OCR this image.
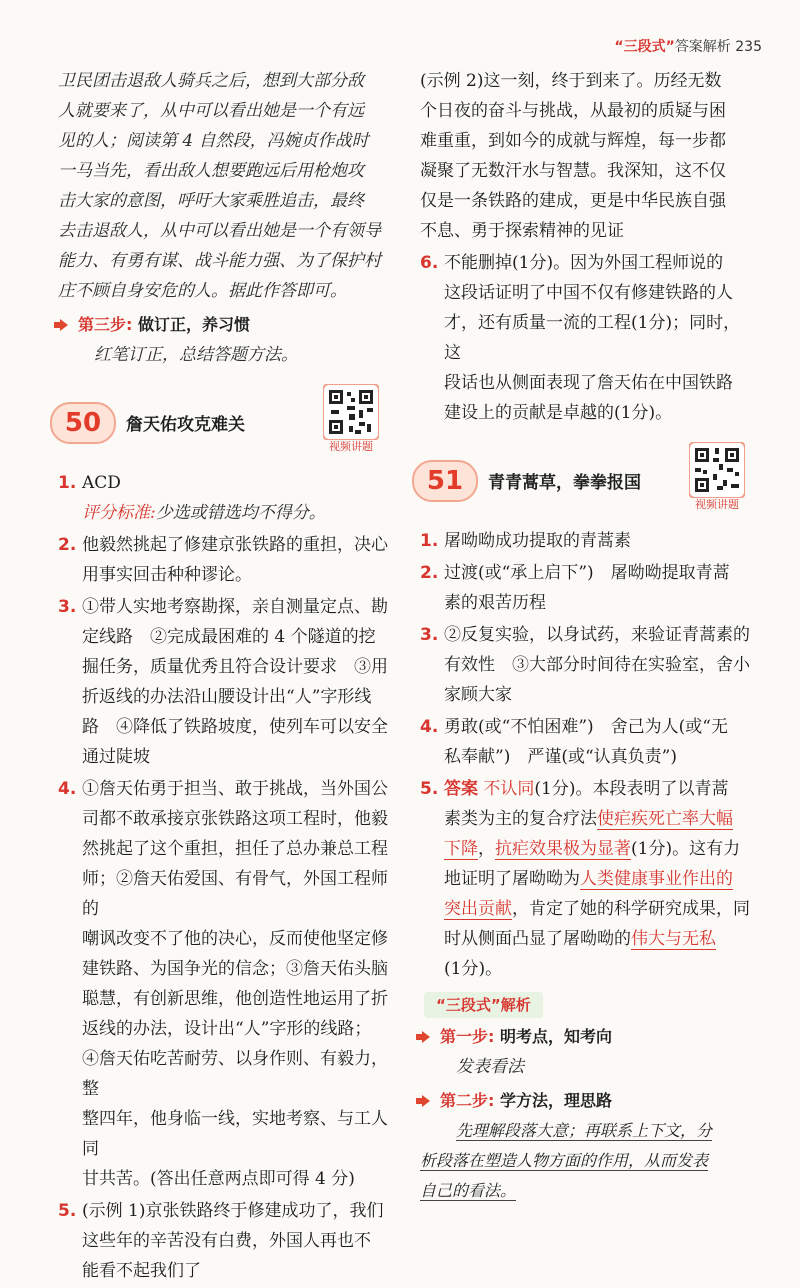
“三段式”答案解析 235

卫民团击退敌人骑兵之后，想到大部分敌

人就要来了，从中可以看出她是一个有远

见的人；阅读第 4 自然段，冯婉贞作战时

一马当先，看出敌人想要跑远后用枪炮攻

击大家的意图，呼吁大家乘胜追击，最终

去击退敌人，从中可以看出她是一个有领导

能力、有勇有谋、战斗能力强、为了保护村

庄不顾自身安危的人。据此作答即可。

第三步: 做订正，养习惯
红笔订正，总结答题方法。
50	詹天佑攻克难关
视频讲题
1. ACD
评分标准:少选或错选均不得分。
2. 他毅然挑起了修建京张铁路的重担，决心
用事实回击种种谬论。
3. ①带人实地考察勘探，亲自测量定点、勘
定线路　②完成最困难的 4 个隧道的挖
掘任务，质量优秀且符合设计要求　③用
折返线的办法沿山腰设计出“人”字形线
路　④降低了铁路坡度，使列车可以安全
通过陡坡
4. ①詹天佑勇于担当、敢于挑战，当外国公
司都不敢承接京张铁路这项工程时，他毅
然挑起了这个重担，担任了总办兼总工程
师；②詹天佑爱国、有骨气，外国工程师的
嘲讽改变不了他的决心，反而使他坚定修
建铁路、为国争光的信念；③詹天佑头脑
聪慧，有创新思维，他创造性地运用了折
返线的办法，设计出“人”字形的线路；
④詹天佑吃苦耐劳、以身作则、有毅力，整
整四年，他身临一线，实地考察、与工人同
甘共苦。(答出任意两点即可得 4 分)
5. (示例 1)京张铁路终于修建成功了，我们
这些年的辛苦没有白费，外国人再也不
能看不起我们了

(示例 2)这一刻，终于到来了。历经无数

个日夜的奋斗与挑战，从最初的质疑与困

难重重，到如今的成就与辉煌，每一步都

凝聚了无数汗水与智慧。我深知，这不仅

仅是一条铁路的建成，更是中华民族自强

不息、勇于探索精神的见证

6. 不能删掉(1分)。因为外国工程师说的
这段话证明了中国不仅有修建铁路的人
才，还有质量一流的工程(1分)；同时，这
段话也从侧面表现了詹天佑在中国铁路
建设上的贡献是卓越的(1分)。
51	青青蒿草，拳拳报国
视频讲题
1. 屠呦呦成功提取的青蒿素
2. 过渡(或“承上启下”)　屠呦呦提取青蒿
素的艰苦历程
3. ②反复实验，以身试药，来验证青蒿素的
有效性　③大部分时间待在实验室，舍小
家顾大家
4. 勇敢(或“不怕困难”)　舍己为人(或“无
私奉献”)　严谨(或“认真负责”)
5. 答案 不认同(1分)。本段表明了以青蒿
素类为主的复合疗法使疟疾死亡率大幅
下降，抗疟效果极为显著(1分)。这有力
地证明了屠呦呦为人类健康事业作出的
突出贡献，肯定了她的科学研究成果，同
时从侧面凸显了屠呦呦的伟大与无私
(1分)。
“三段式”解析
第一步: 明考点，知考向
发表看法
第二步: 学方法，理思路
先理解段落大意；再联系上下文，分
析段落在塑造人物方面的作用，从而发表
自己的看法。
